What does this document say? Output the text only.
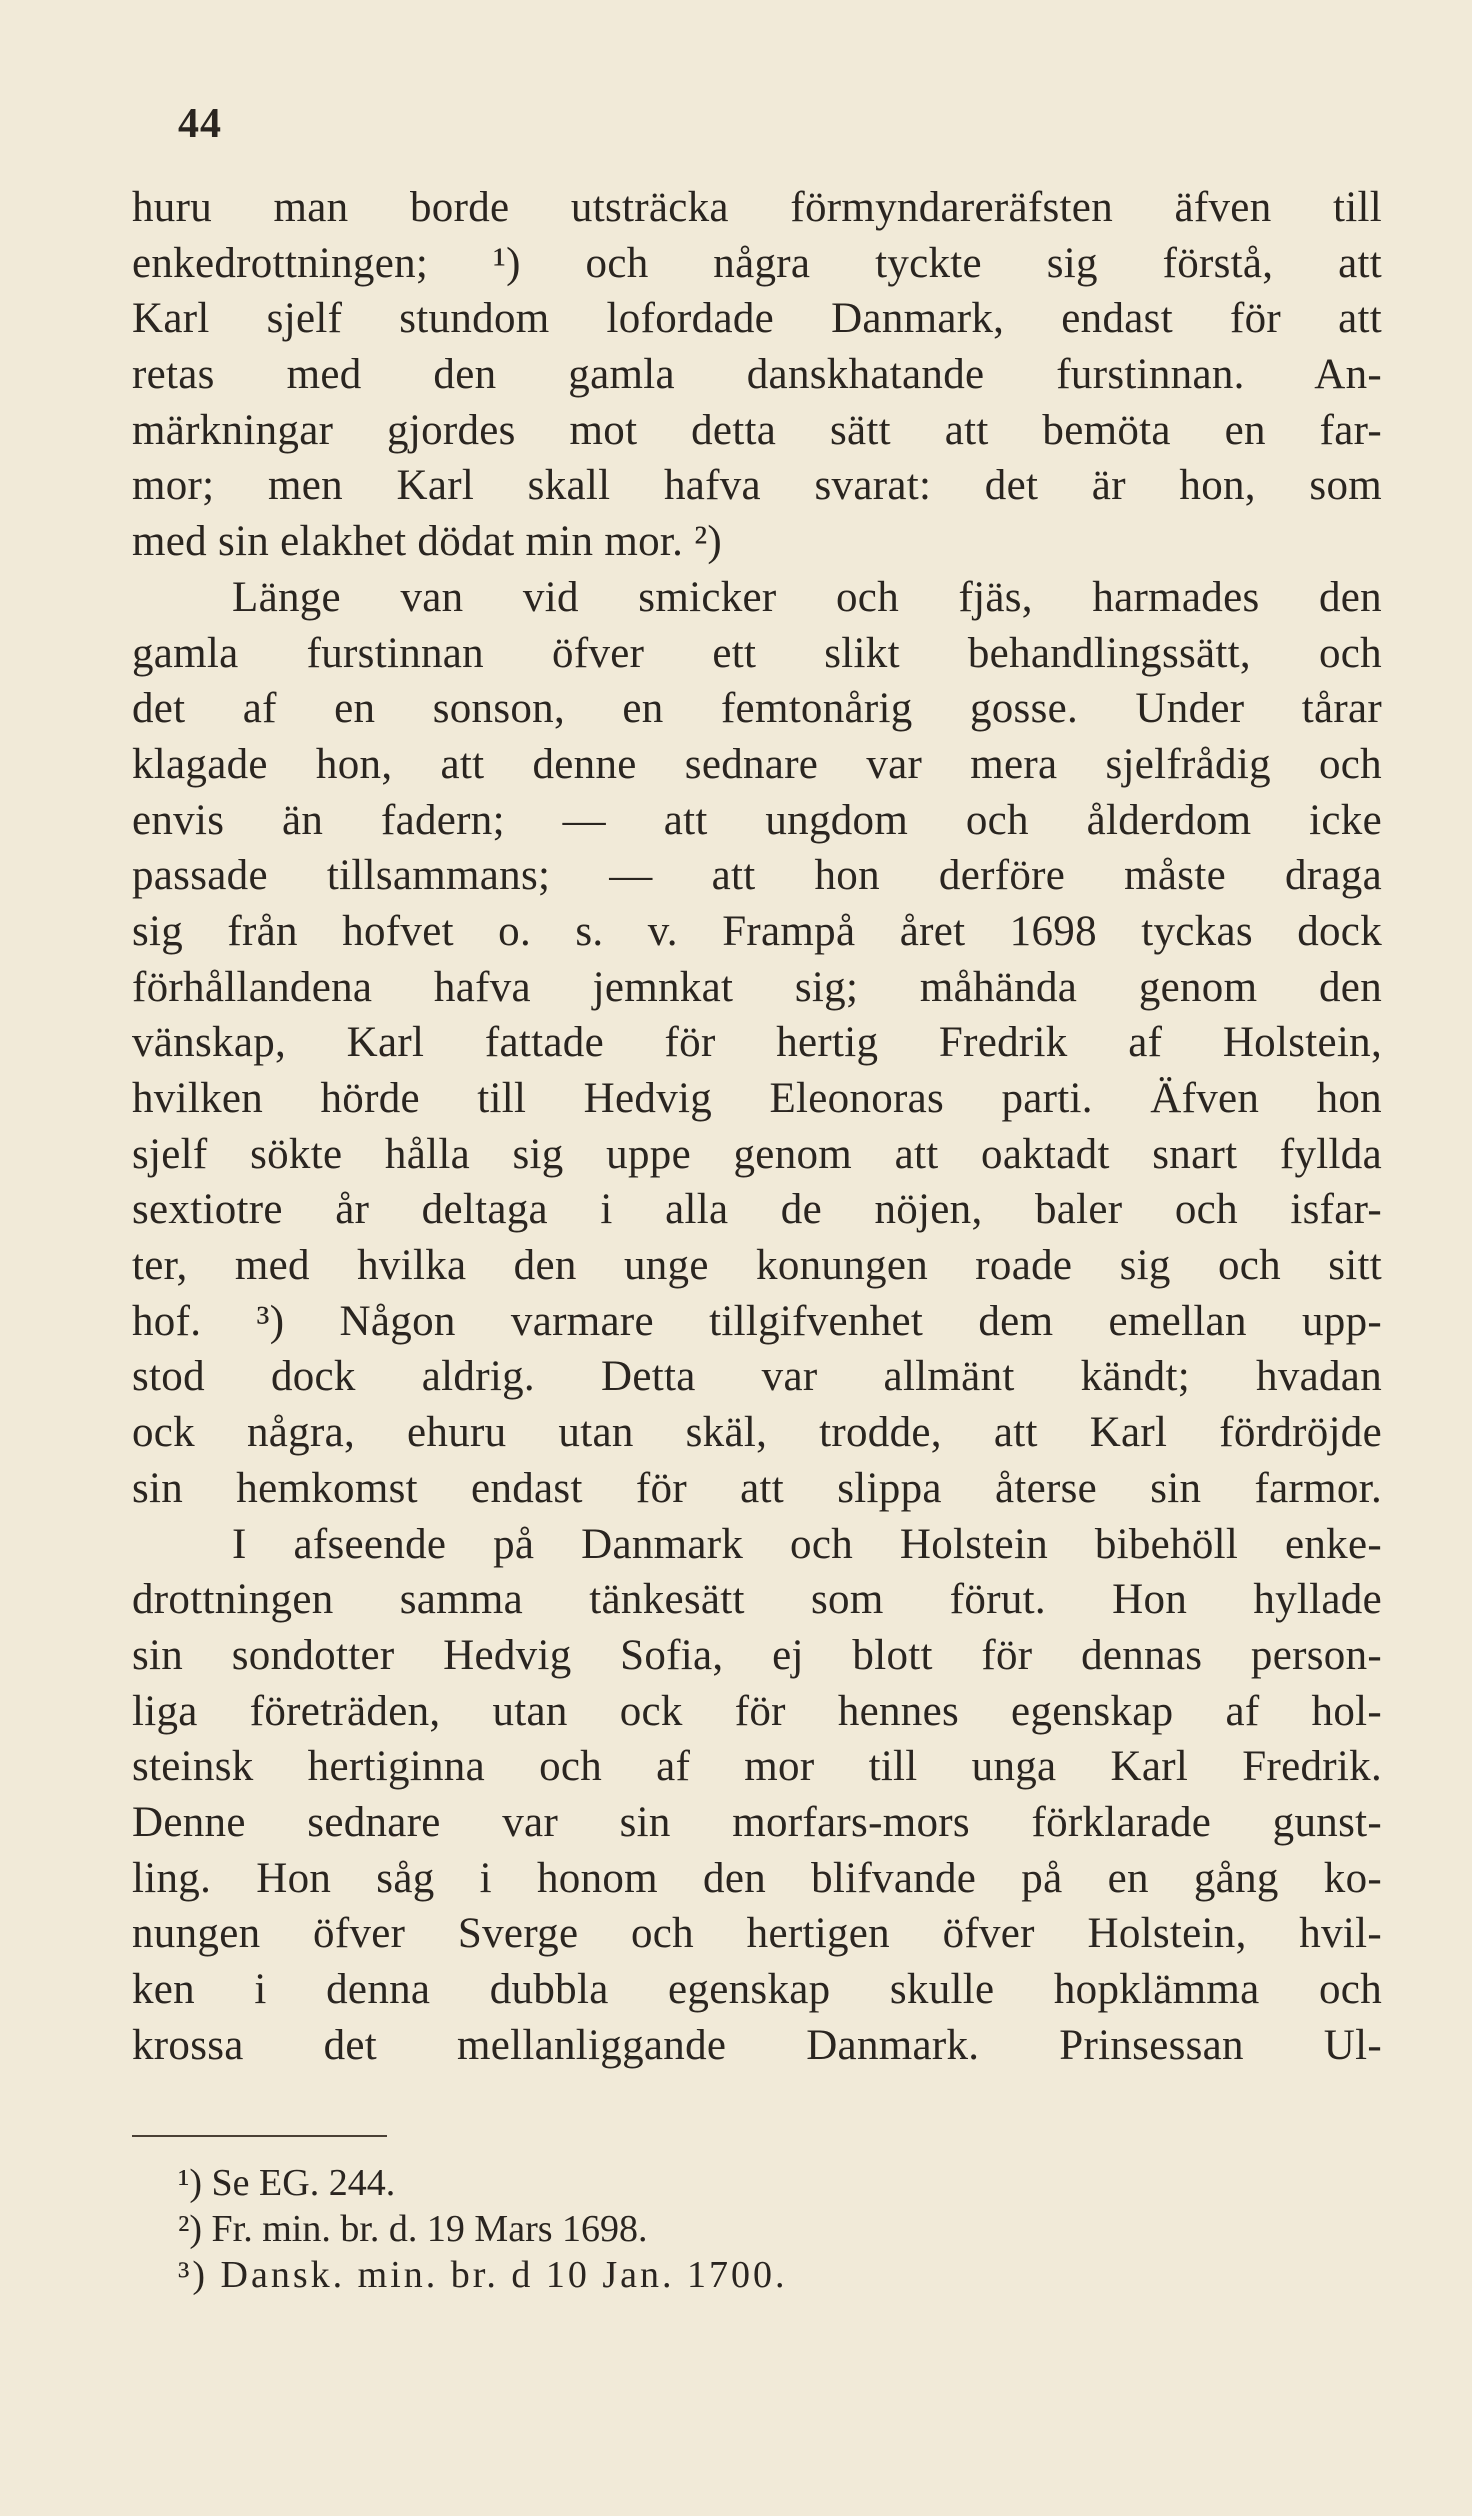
44
huru man borde utsträcka förmyndareräfsten äfven till
enkedrottningen; ¹) och några tyckte sig förstå, att
Karl sjelf stundom lofordade Danmark, endast för att
retas med den gamla danskhatande furstinnan. An-
märkningar gjordes mot detta sätt att bemöta en far-
mor; men Karl skall hafva svarat: det är hon, som
med sin elakhet dödat min mor. ²)
Länge van vid smicker och fjäs, harmades den
gamla furstinnan öfver ett slikt behandlingssätt, och
det af en sonson, en femtonårig gosse. Under tårar
klagade hon, att denne sednare var mera sjelfrådig och
envis än fadern; — att ungdom och ålderdom icke
passade tillsammans; — att hon derföre måste draga
sig från hofvet o. s. v. Frampå året 1698 tyckas dock
förhållandena hafva jemnkat sig; måhända genom den
vänskap, Karl fattade för hertig Fredrik af Holstein,
hvilken hörde till Hedvig Eleonoras parti. Äfven hon
sjelf sökte hålla sig uppe genom att oaktadt snart fyllda
sextiotre år deltaga i alla de nöjen, baler och isfar-
ter, med hvilka den unge konungen roade sig och sitt
hof. ³) Någon varmare tillgifvenhet dem emellan upp-
stod dock aldrig. Detta var allmänt kändt; hvadan
ock några, ehuru utan skäl, trodde, att Karl fördröjde
sin hemkomst endast för att slippa återse sin farmor.
I afseende på Danmark och Holstein bibehöll enke-
drottningen samma tänkesätt som förut. Hon hyllade
sin sondotter Hedvig Sofia, ej blott för dennas person-
liga företräden, utan ock för hennes egenskap af hol-
steinsk hertiginna och af mor till unga Karl Fredrik.
Denne sednare var sin morfars-mors förklarade gunst-
ling. Hon såg i honom den blifvande på en gång ko-
nungen öfver Sverge och hertigen öfver Holstein, hvil-
ken i denna dubbla egenskap skulle hopklämma och
krossa det mellanliggande Danmark. Prinsessan Ul-
¹) Se EG. 244.
²) Fr. min. br. d. 19 Mars 1698.
³) Dansk. min. br. d 10 Jan. 1700.
